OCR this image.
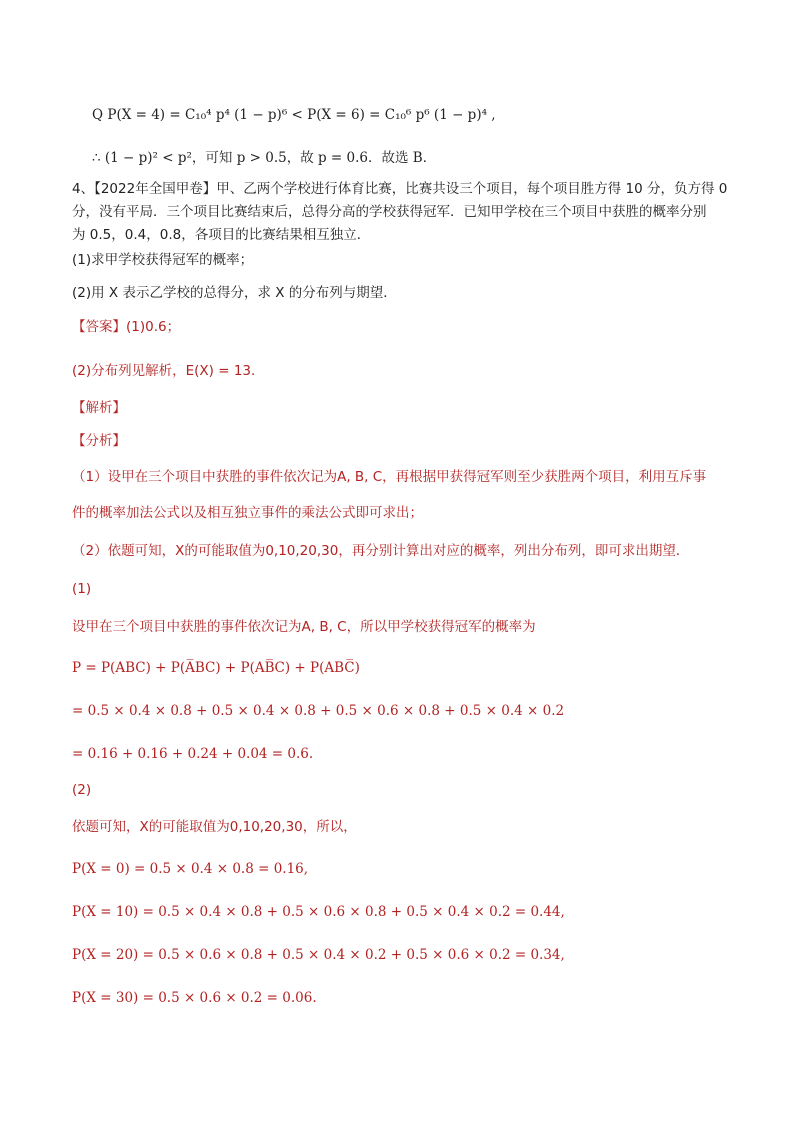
Q P(X = 4) = C₁₀⁴ p⁴ (1 − p)⁶ < P(X = 6) = C₁₀⁶ p⁶ (1 − p)⁴ ,
∴ (1 − p)² < p²，可知 p > 0.5，故 p = 0.6．故选 B．
4、【2022年全国甲卷】甲、乙两个学校进行体育比赛，比赛共设三个项目，每个项目胜方得 10 分，负方得 0
分，没有平局．三个项目比赛结束后，总得分高的学校获得冠军．已知甲学校在三个项目中获胜的概率分别
为 0.5，0.4，0.8，各项目的比赛结果相互独立．
(1)求甲学校获得冠军的概率；
(2)用 X 表示乙学校的总得分，求 X 的分布列与期望．
【答案】(1)0.6；
(2)分布列见解析，E(X) = 13.
【解析】
【分析】
（1）设甲在三个项目中获胜的事件依次记为A, B, C，再根据甲获得冠军则至少获胜两个项目，利用互斥事
件的概率加法公式以及相互独立事件的乘法公式即可求出；
（2）依题可知，X的可能取值为0,10,20,30，再分别计算出对应的概率，列出分布列，即可求出期望．
(1)
设甲在三个项目中获胜的事件依次记为A, B, C，所以甲学校获得冠军的概率为
P = P(ABC) + P(A̅BC) + P(AB̅C) + P(ABC̅)
= 0.5 × 0.4 × 0.8 + 0.5 × 0.4 × 0.8 + 0.5 × 0.6 × 0.8 + 0.5 × 0.4 × 0.2
= 0.16 + 0.16 + 0.24 + 0.04 = 0.6.
(2)
依题可知，X的可能取值为0,10,20,30，所以，
P(X = 0) = 0.5 × 0.4 × 0.8 = 0.16,
P(X = 10) = 0.5 × 0.4 × 0.8 + 0.5 × 0.6 × 0.8 + 0.5 × 0.4 × 0.2 = 0.44,
P(X = 20) = 0.5 × 0.6 × 0.8 + 0.5 × 0.4 × 0.2 + 0.5 × 0.6 × 0.2 = 0.34,
P(X = 30) = 0.5 × 0.6 × 0.2 = 0.06.
